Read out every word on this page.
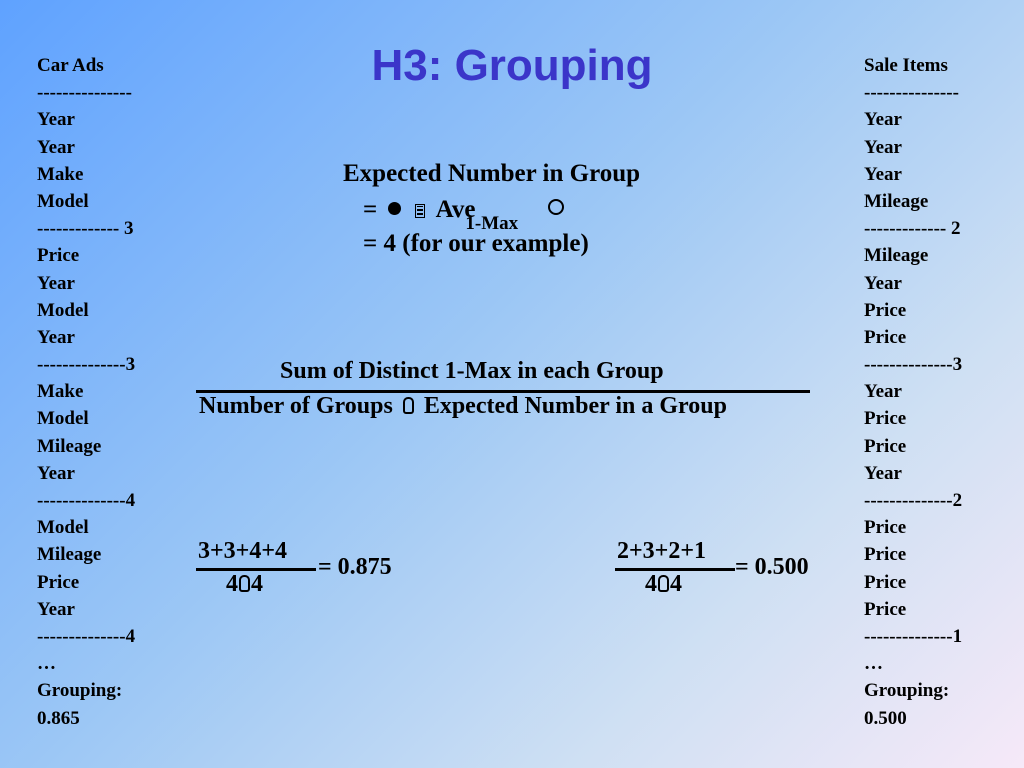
H3: Grouping
Car Ads
---------------
Year
Year
Make
Model
------------- 3
Price
Year
Model
Year
--------------3
Make
Model
Mileage
Year
--------------4
Model
Mileage
Price
Year
--------------4
…
Grouping:
0.865
Sale Items
---------------
Year
Year
Year
Mileage
------------- 2
Mileage
Year
Price
Price
--------------3
Year
Price
Price
Year
--------------2
Price
Price
Price
Price
--------------1
…
Grouping:
0.500
Expected Number in Group
= Ave$_{1-Max}$
= 4 (for our example)
Sum of Distinct 1-Max in each Group
Number of Groups Expected Number in a Group
3+3+4+4
4 4
= 0.875
2+3+2+1
4 4
= 0.500
